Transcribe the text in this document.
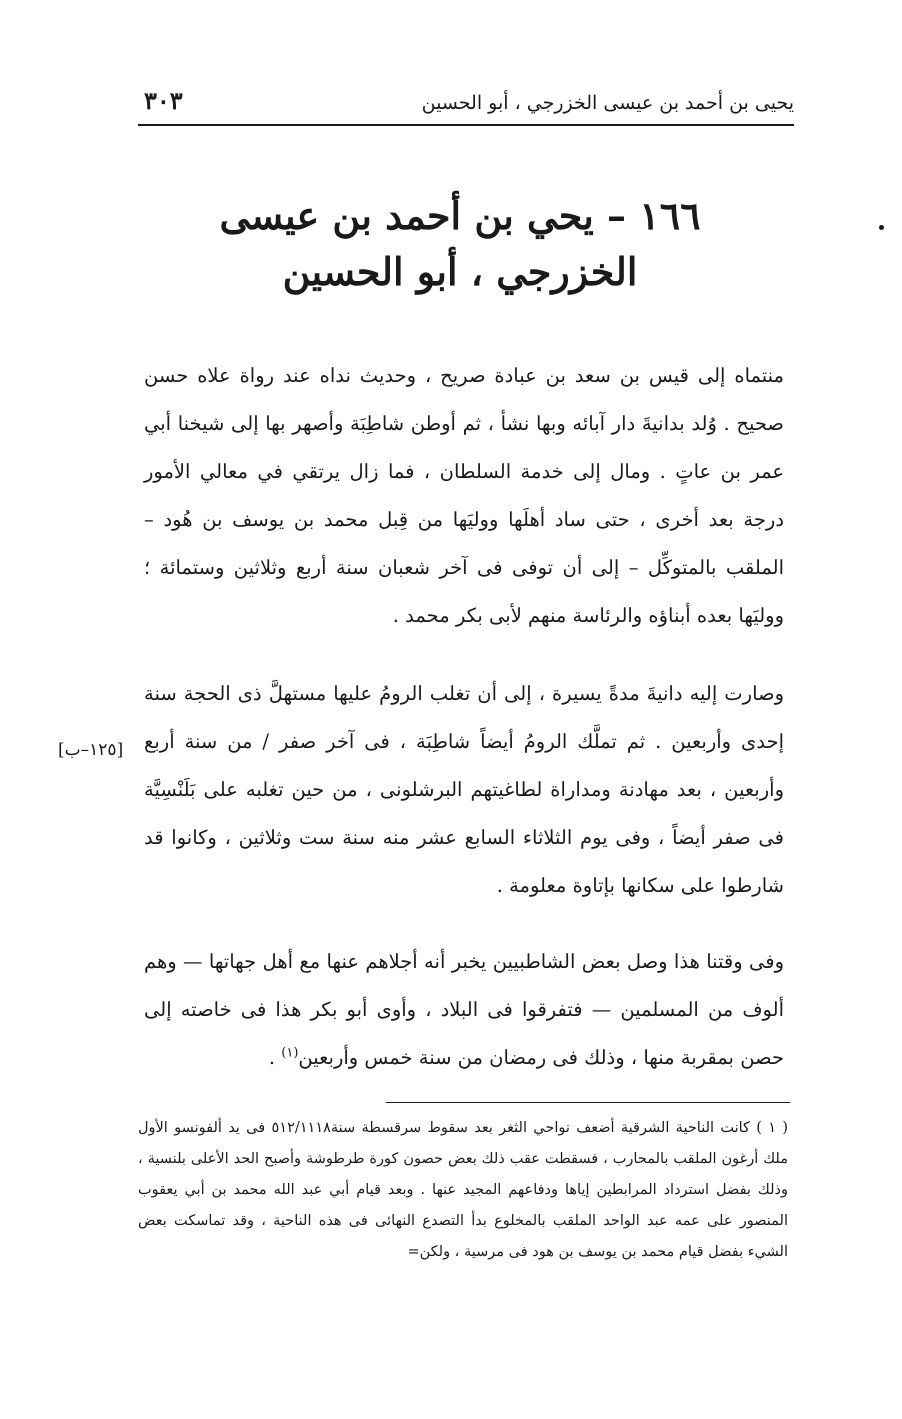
يحيى بن أحمد بن عيسى الخزرجي ، أبو الحسين
٣٠٣
١٦٦ – يحي بن أحمد بن عيسى
الخزرجي ، أبو الحسين
منتماه إلى قيس بن سعد بن عبادة صريح ، وحديث نداه عند رواة علاه حسن صحيح . وُلد بدانيةَ دار آبائه وبها نشأ ، ثم أوطن شاطِبَة وأصهر بها إلى شيخنا أبي عمر بن عاتٍ . ومال إلى خدمة السلطان ، فما زال يرتقي في معالي الأمور درجة بعد أخرى ، حتى ساد أهلَها ووليَها من قِبل محمد بن يوسف بن هُود – الملقب بالمتوكِّل – إلى أن توفى فى آخر شعبان سنة أربع وثلاثين وستمائة ؛ ووليَها بعده أبناؤه والرئاسة منهم لأبى بكر محمد .
وصارت إليه دانيةَ مدةً يسيرة ، إلى أن تغلب الرومُ عليها مستهلَّ ذى الحجة سنة إحدى وأربعين . ثم تملَّك الرومُ أيضاً شاطِبَة ، فى آخر صفر / من سنة أربع وأربعين ، بعد مهادنة ومداراة لطاغيتهم البرشلونى ، من حين تغلبه على بَلَنْسِيَّة فى صفر أيضاً ، وفى يوم الثلاثاء السابع عشر منه سنة ست وثلاثين ، وكانوا قد شارطوا على سكانها بإتاوة معلومة .
[١٢٥–ب]
وفى وقتنا هذا وصل بعض الشاطبيين يخبر أنه أجلاهم عنها مع أهل جهاتها — وهم ألوف من المسلمين — فتفرقوا فى البلاد ، وأوى أبو بكر هذا فى خاصته إلى حصن بمقربة منها ، وذلك فى رمضان من سنة خمس وأربعين$^{(١)}$ .
( ١ ) كانت الناحية الشرقية أضعف نواحي الثغر بعد سقوط سرقسطة سنة٥١٢/١١١٨ فى يد ألفونسو الأول ملك أرغون الملقب بالمحارب ، فسقطت عقب ذلك بعض حصون كورة طرطوشة وأصبح الحد الأعلى بلنسية ، وذلك بفضل استرداد المرابطين إياها ودفاعهم المجيد عنها . وبعد قيام أبي عبد الله محمد بن أبي يعقوب المنصور على عمه عبد الواحد الملقب بالمخلوع بدأ التصدع النهائى فى هذه الناحية ، وقد تماسكت بعض الشيء بفضل قيام محمد بن يوسف بن هود فى مرسية ، ولكن=
